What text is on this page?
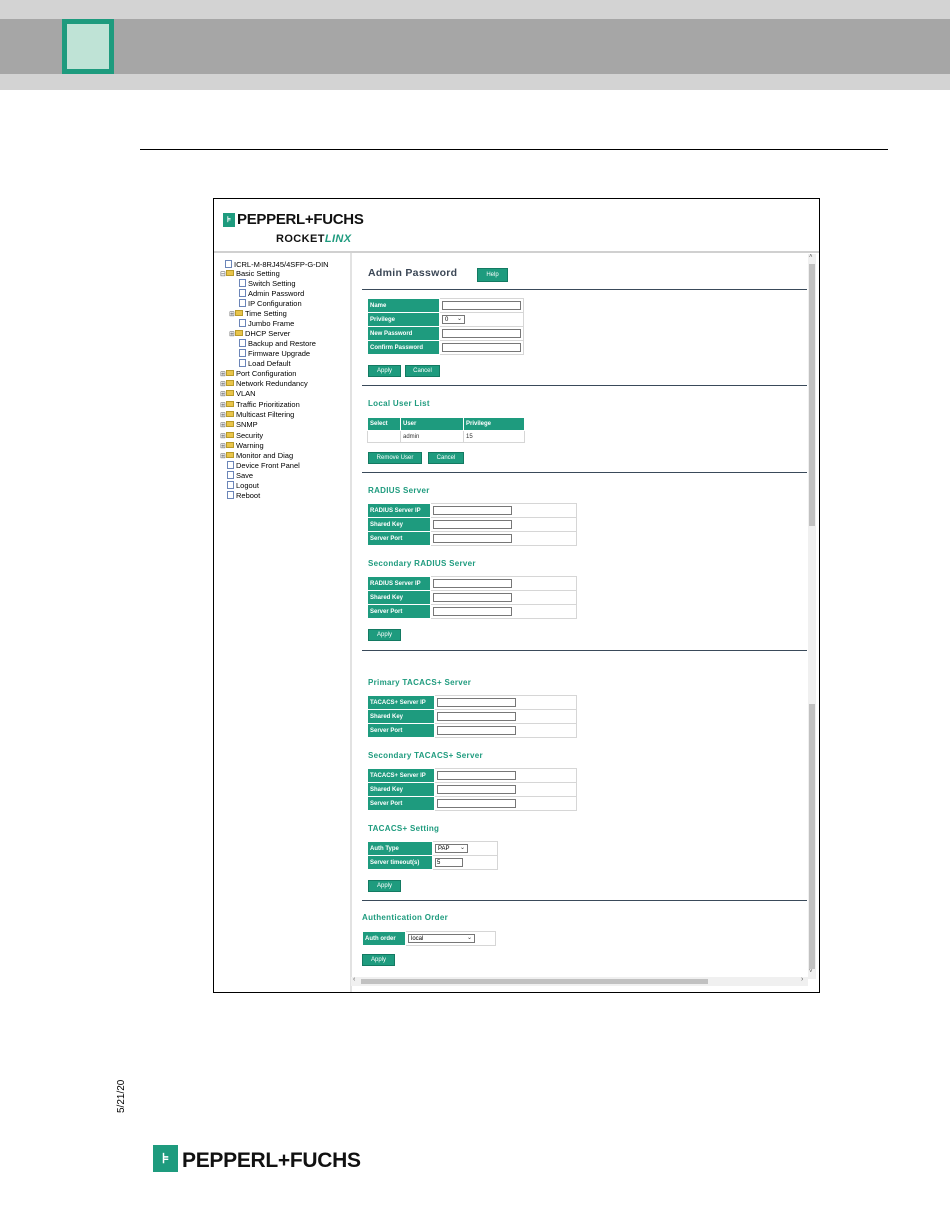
5/21/20
⊧ PEPPERL+FUCHS
⊧ PEPPERL+FUCHS
ROCKETLINX
ICRL-M-8RJ45/4SFP-G-DIN
⊟ Basic Setting
Switch Setting
Admin Password
IP Configuration
⊞ Time Setting
Jumbo Frame
⊞ DHCP Server
Backup and Restore
Firmware Upgrade
Load Default
⊞ Port Configuration
⊞ Network Redundancy
⊞ VLAN
⊞ Traffic Prioritization
⊞ Multicast Filtering
⊞ SNMP
⊞ Security
⊞ Warning
⊞ Monitor and Diag
Device Front Panel
Save
Logout
Reboot
Admin Password	Help
Name	
Privilege	0 ⌄

New Password	
Confirm Password	
Apply	Cancel
Local User List
Select	User	Privilege
	admin	15
Remove User	Cancel
RADIUS Server
RADIUS Server IP	
Shared Key	
Server Port	
Secondary RADIUS Server
RADIUS Server IP	
Shared Key	
Server Port	
Apply
Primary TACACS+ Server
TACACS+ Server IP	
Shared Key	
Server Port	
Secondary TACACS+ Server
TACACS+ Server IP	
Shared Key	
Server Port	
TACACS+ Setting
Auth Type	PAP ⌄

Server timeout(s)	5
Apply
Authentication Order
Auth order	local	⌄
Apply
˄
˅
‹	›
